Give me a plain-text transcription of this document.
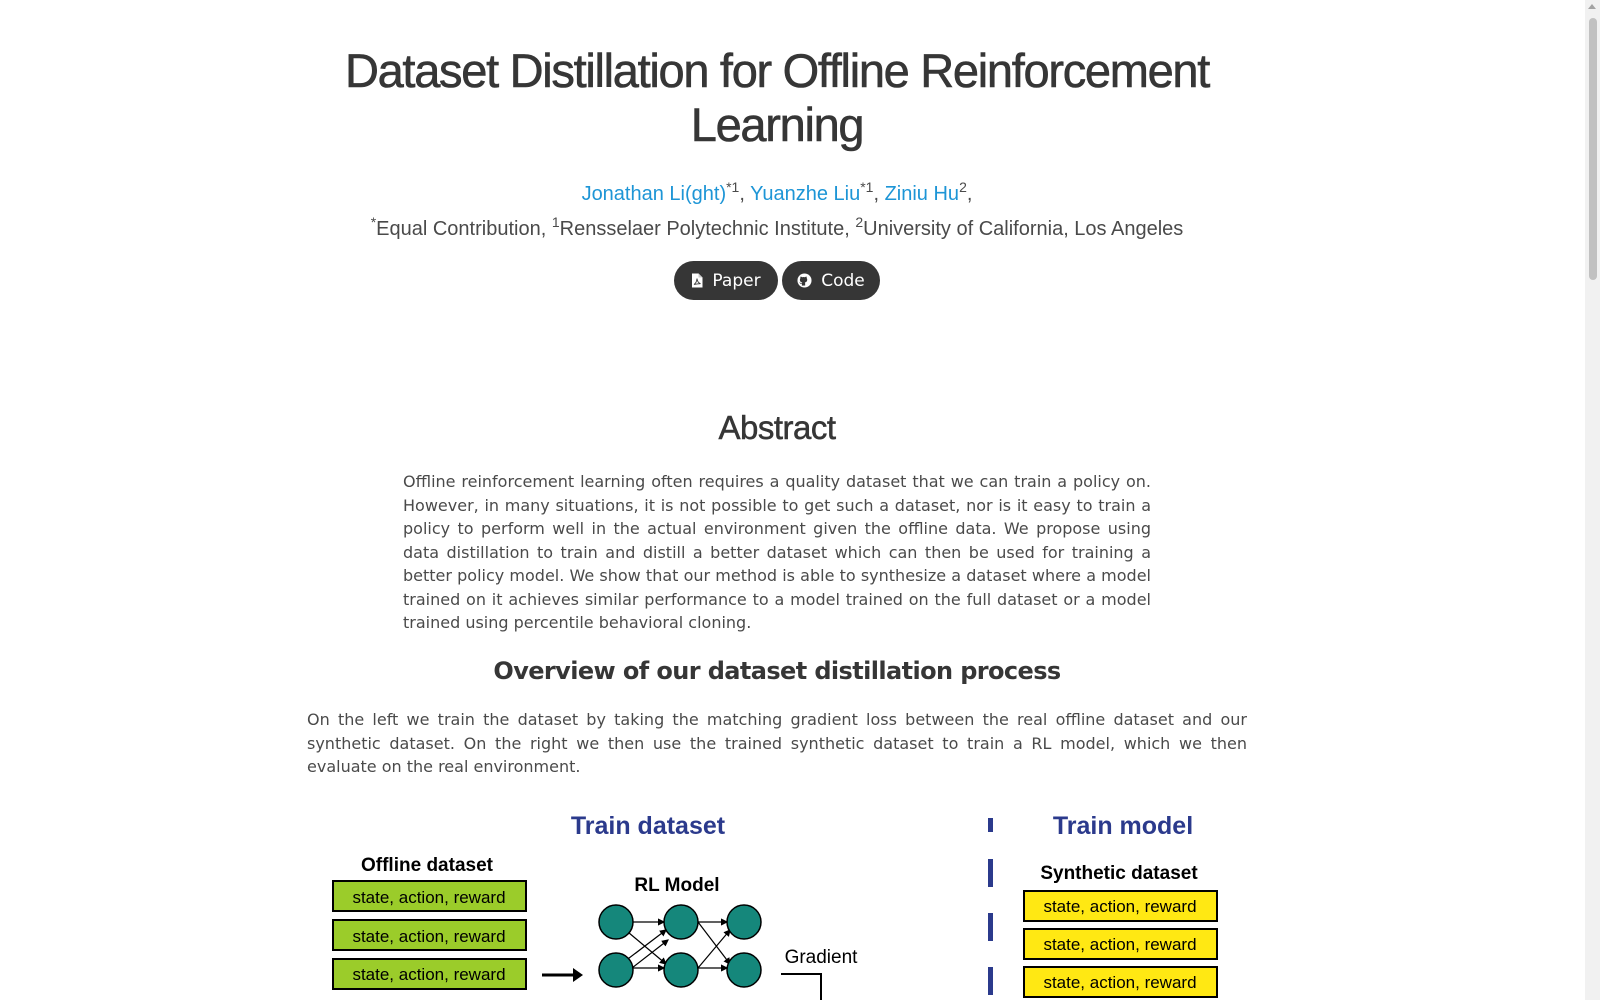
Dataset Distillation for Offline Reinforcement Learning
Jonathan Li(ght)$^{*1}$, Yuanzhe Liu$^{*1}$, Ziniu Hu$^2$,
*Equal Contribution, $^1$Rensselaer Polytechnic Institute, $^2$University of California, Los Angeles
Paper	Code
Abstract

Offline reinforcement learning often requires a quality dataset that we can train a policy on. However, in many situations, it is not possible to get such a dataset, nor is it easy to train a policy to perform well in the actual environment given the offline data. We propose using data distillation to train and distill a better dataset which can then be used for training a better policy model. We show that our method is able to synthesize a dataset where a model trained on it achieves similar performance to a model trained on the full dataset or a model trained using percentile behavioral cloning.

Overview of our dataset distillation process

On the left we train the dataset by taking the matching gradient loss between the real offline dataset and our synthetic dataset. On the right we then use the trained synthetic dataset to train a RL model, which we then evaluate on the real environment.

Train dataset
Offline dataset
state, action, reward
state, action, reward
state, action, reward
RL Model
Gradient
Train model
Synthetic dataset
state, action, reward
state, action, reward
state, action, reward
